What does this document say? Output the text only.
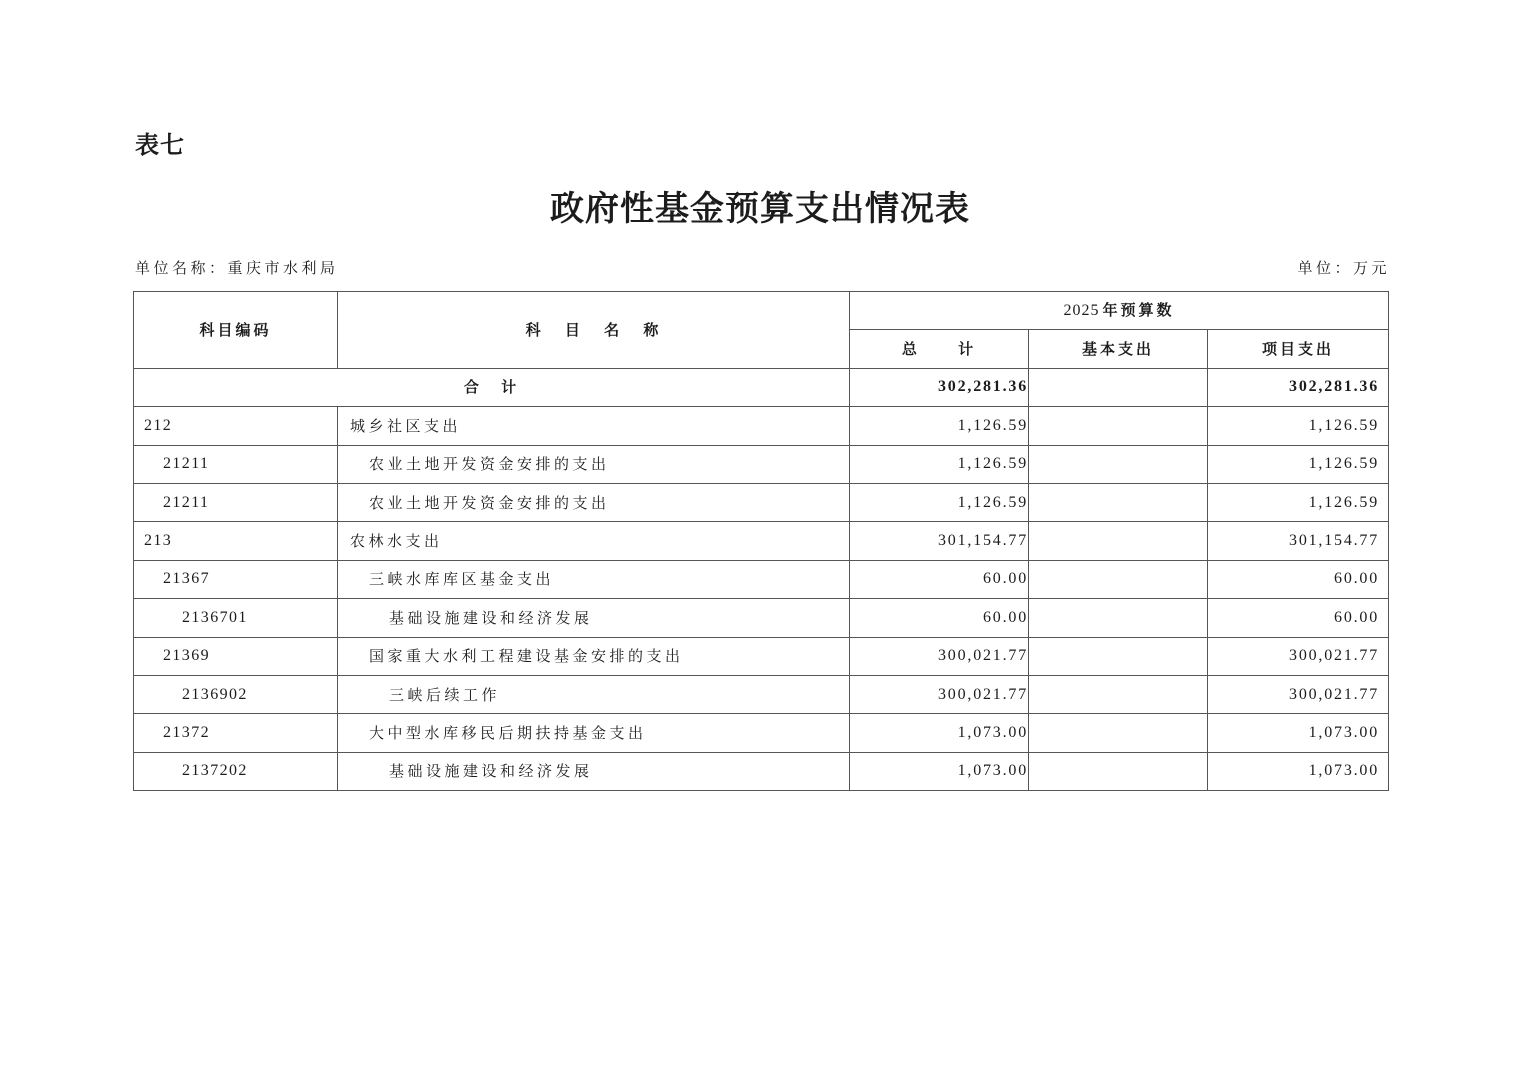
表七
政府性基金预算支出情况表
单位名称：重庆市水利局	单位：万元
科目编码	科 目 名 称	2025 年预算数		
		总 计	基本支出	项目支出
合 计		302,281.36		302,281.36
212	城乡社区支出	1,126.59		1,126.59
21211	农业土地开发资金安排的支出	1,126.59		1,126.59
21211	农业土地开发资金安排的支出	1,126.59		1,126.59
213	农林水支出	301,154.77		301,154.77
21367	三峡水库库区基金支出	60.00		60.00
2136701	基础设施建设和经济发展	60.00		60.00
21369	国家重大水利工程建设基金安排的支出	300,021.77		300,021.77
2136902	三峡后续工作	300,021.77		300,021.77
21372	大中型水库移民后期扶持基金支出	1,073.00		1,073.00
2137202	基础设施建设和经济发展	1,073.00		1,073.00
